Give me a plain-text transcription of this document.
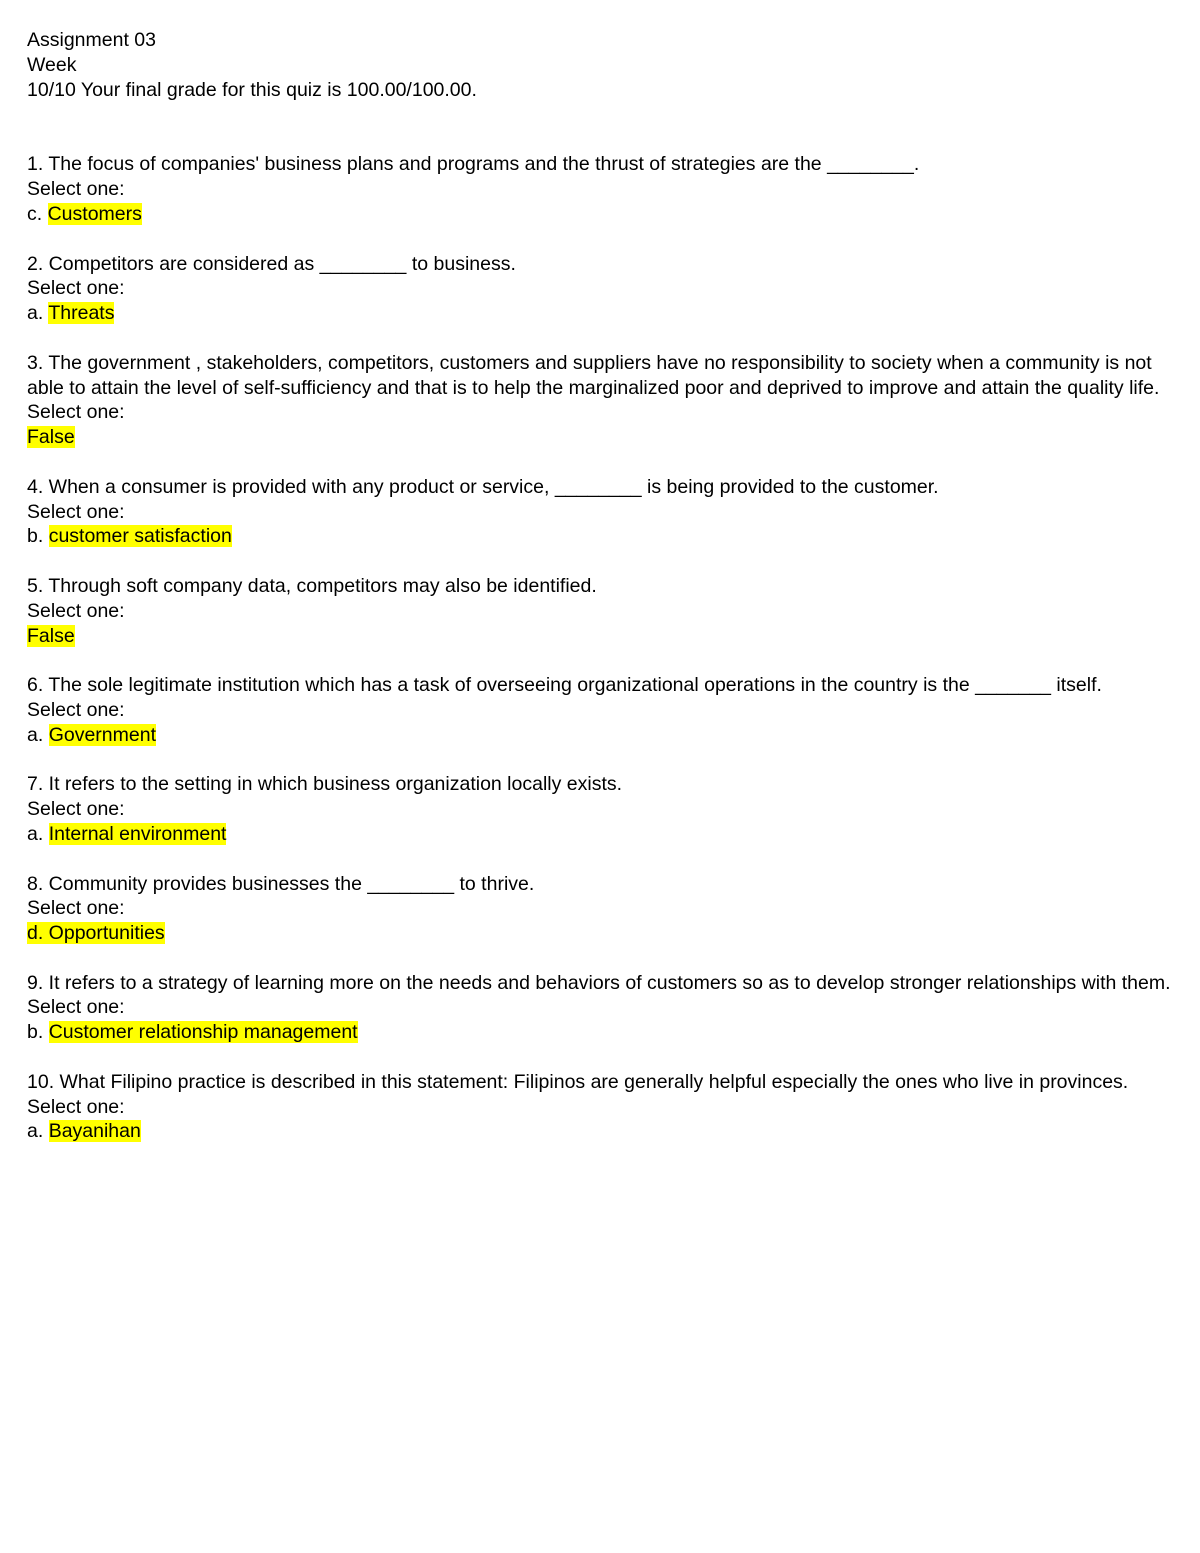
Assignment 03
Week
10/10 Your final grade for this quiz is 100.00/100.00.
1. The focus of companies' business plans and programs and the thrust of strategies are the ________.
Select one:
c. Customers
2. Competitors are considered as ________ to business.
Select one:
a. Threats
3. The government , stakeholders, competitors, customers and suppliers have no responsibility to society when a community is not able to attain the level of self-sufficiency and that is to help the marginalized poor and deprived to improve and attain the quality life.
Select one:
False
4. When a consumer is provided with any product or service, ________ is being provided to the customer.
Select one:
b. customer satisfaction
5. Through soft company data, competitors may also be identified.
Select one:
False
6. The sole legitimate institution which has a task of overseeing organizational operations in the country is the _______ itself.
Select one:
a. Government
7. It refers to the setting in which business organization locally exists.
Select one:
a. Internal environment
8. Community provides businesses the ________ to thrive.
Select one:
d. Opportunities
9. It refers to a strategy of learning more on the needs and behaviors of customers so as to develop stronger relationships with them.
Select one:
b. Customer relationship management
10. What Filipino practice is described in this statement: Filipinos are generally helpful especially the ones who live in provinces.
Select one:
a. Bayanihan
